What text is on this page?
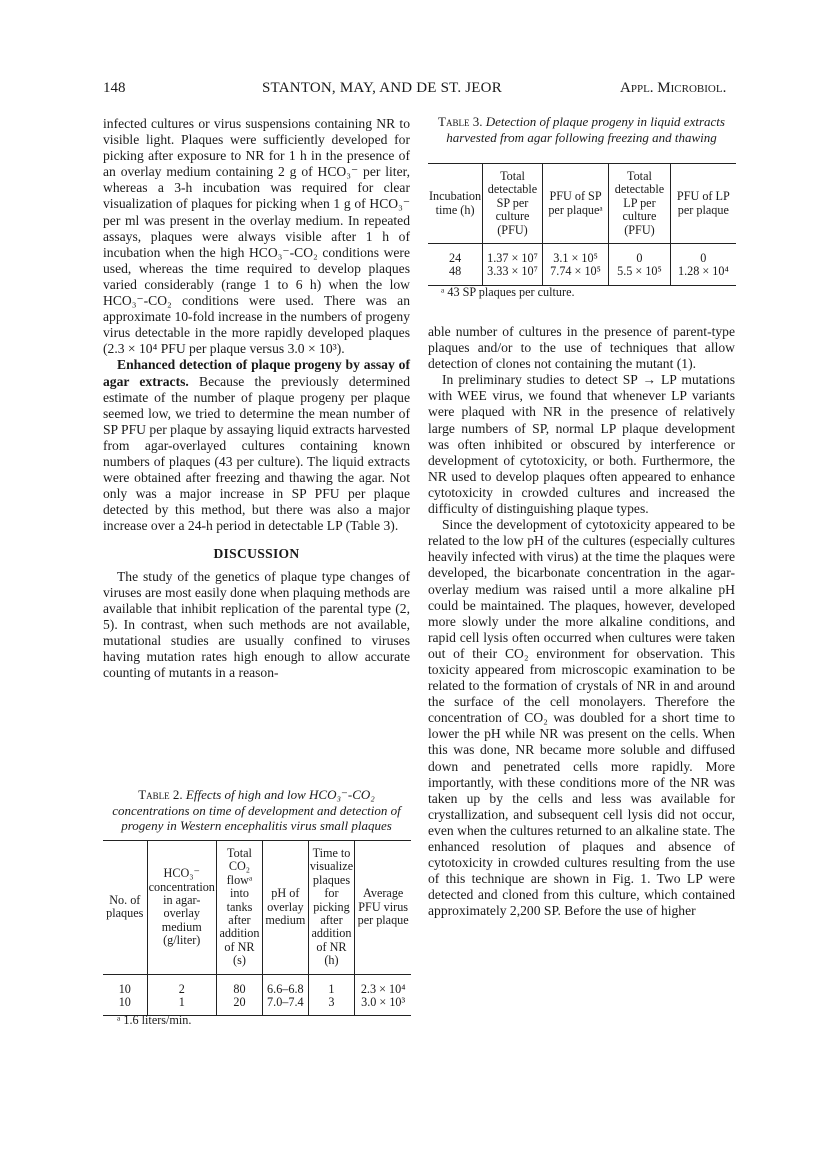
148	STANTON, MAY, AND DE ST. JEOR	Appl. Microbiol.

infected cultures or virus suspensions containing NR to visible light. Plaques were sufficiently developed for picking after exposure to NR for 1 h in the presence of an overlay medium containing 2 g of HCO₃⁻ per liter, whereas a 3-h incubation was required for clear visualization of plaques for picking when 1 g of HCO₃⁻ per ml was present in the overlay medium. In repeated assays, plaques were always visible after 1 h of incubation when the high HCO₃⁻-CO₂ conditions were used, whereas the time required to develop plaques varied considerably (range 1 to 6 h) when the low HCO₃⁻-CO₂ conditions were used. There was an approximate 10-fold increase in the numbers of progeny virus detectable in the more rapidly developed plaques (2.3 × 10⁴ PFU per plaque versus 3.0 × 10³).

Enhanced detection of plaque progeny by assay of agar extracts. Because the previously determined estimate of the number of plaque progeny per plaque seemed low, we tried to determine the mean number of SP PFU per plaque by assaying liquid extracts harvested from agar-overlayed cultures containing known numbers of plaques (43 per culture). The liquid extracts were obtained after freezing and thawing the agar. Not only was a major increase in SP PFU per plaque detected by this method, but there was also a major increase over a 24-h period in detectable LP (Table 3).

DISCUSSION

The study of the genetics of plaque type changes of viruses are most easily done when plaquing methods are available that inhibit replication of the parental type (2, 5). In contrast, when such methods are not available, mutational studies are usually confined to viruses having mutation rates high enough to allow accurate counting of mutants in a reason-

Table 2. Effects of high and low HCO₃⁻-CO₂ concentrations on time of development and detection of progeny in Western encephalitis virus small plaques
No. of plaques	HCO₃⁻ concentration in agar-overlay medium (g/liter)	Total CO₂ flowᵃ into tanks after addition of NR (s)	pH of overlay medium	Time to visualize plaques for picking after addition of NR (h)	Average PFU virus per plaque
10	2	80	6.6–6.8	1	2.3 × 10⁴
10	1	20	7.0–7.4	3	3.0 × 10³
ᵃ 1.6 liters/min.
Table 3. Detection of plaque progeny in liquid extracts harvested from agar following freezing and thawing
Incubation time (h)	Total detectable SP per culture (PFU)	PFU of SP per plaqueᵃ	Total detectable LP per culture (PFU)	PFU of LP per plaque
24	1.37 × 10⁷	3.1 × 10⁵	0	0
48	3.33 × 10⁷	7.74 × 10⁵	5.5 × 10⁵	1.28 × 10⁴
ᵃ 43 SP plaques per culture.

able number of cultures in the presence of parent-type plaques and/or to the use of techniques that allow detection of clones not containing the mutant (1).

In preliminary studies to detect SP → LP mutations with WEE virus, we found that whenever LP variants were plaqued with NR in the presence of relatively large numbers of SP, normal LP plaque development was often inhibited or obscured by interference or development of cytotoxicity, or both. Furthermore, the NR used to develop plaques often appeared to enhance cytotoxicity in crowded cultures and increased the difficulty of distinguishing plaque types.

Since the development of cytotoxicity appeared to be related to the low pH of the cultures (especially cultures heavily infected with virus) at the time the plaques were developed, the bicarbonate concentration in the agar-overlay medium was raised until a more alkaline pH could be maintained. The plaques, however, developed more slowly under the more alkaline conditions, and rapid cell lysis often occurred when cultures were taken out of their CO₂ environment for observation. This toxicity appeared from microscopic examination to be related to the formation of crystals of NR in and around the surface of the cell monolayers. Therefore the concentration of CO₂ was doubled for a short time to lower the pH while NR was present on the cells. When this was done, NR became more soluble and diffused down and penetrated cells more rapidly. More importantly, with these conditions more of the NR was taken up by the cells and less was available for crystallization, and subsequent cell lysis did not occur, even when the cultures returned to an alkaline state. The enhanced resolution of plaques and absence of cytotoxicity in crowded cultures resulting from the use of this technique are shown in Fig. 1. Two LP were detected and cloned from this culture, which contained approximately 2,200 SP. Before the use of higher
